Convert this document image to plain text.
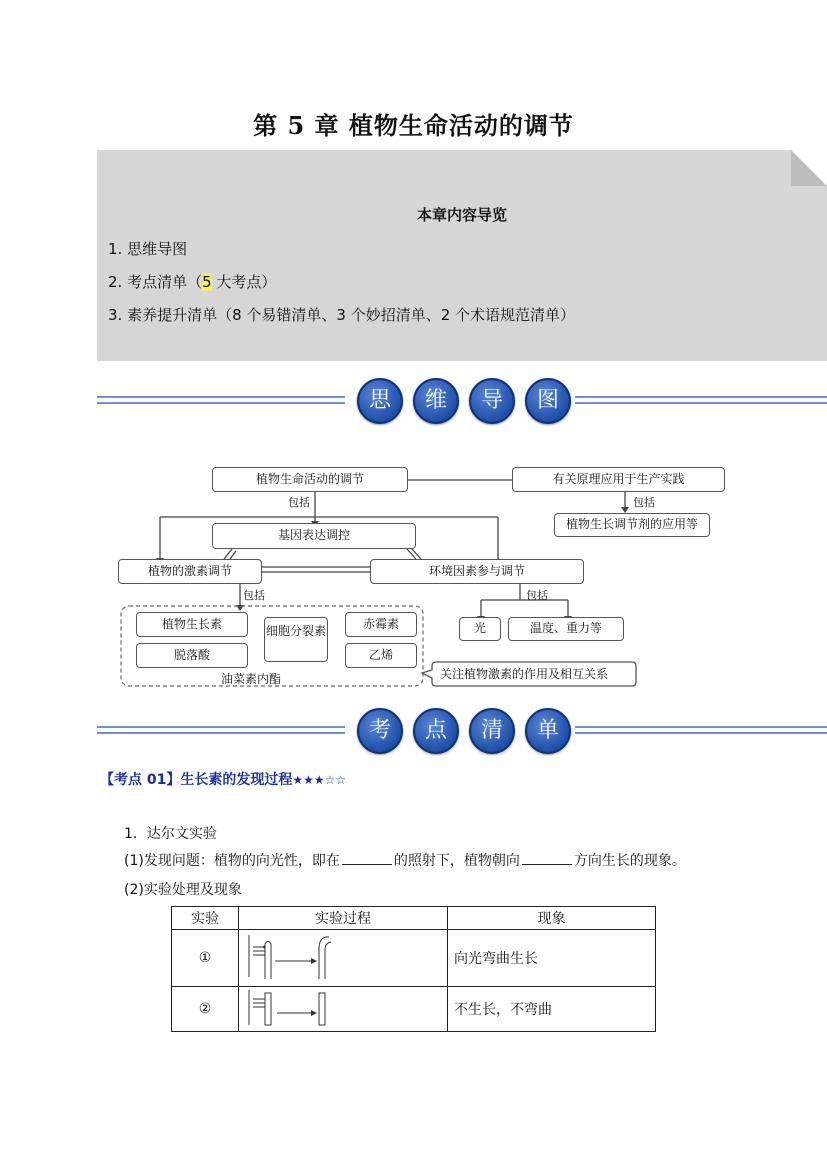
第 5 章 植物生命活动的调节
本章内容导览
1. 思维导图
2. 考点清单（5 大考点）
3. 素养提升清单（8 个易错清单、3 个妙招清单、2 个术语规范清单）
思	维	导	图
植物生命活动的调节	有关原理应用于生产实践
包括
植物生长调节剂的应用等
包括
基因表达调控
植物的激素调节	环境因素参与调节
包括	包括
植物生长素
脱落酸
细胞分裂素	赤霉素
乙烯
油菜素内酯
光	温度、重力等
关注植物激素的作用及相互关系
考	点	清	单
【考点 01】生长素的发现过程★★★☆☆
1．达尔文实验
(1)发现问题：植物的向光性，即在	的照射下，植物朝向	方向生长的现象。
(2)实验处理及现象
实验	实验过程	现象
①		向光弯曲生长
②		不生长，不弯曲
